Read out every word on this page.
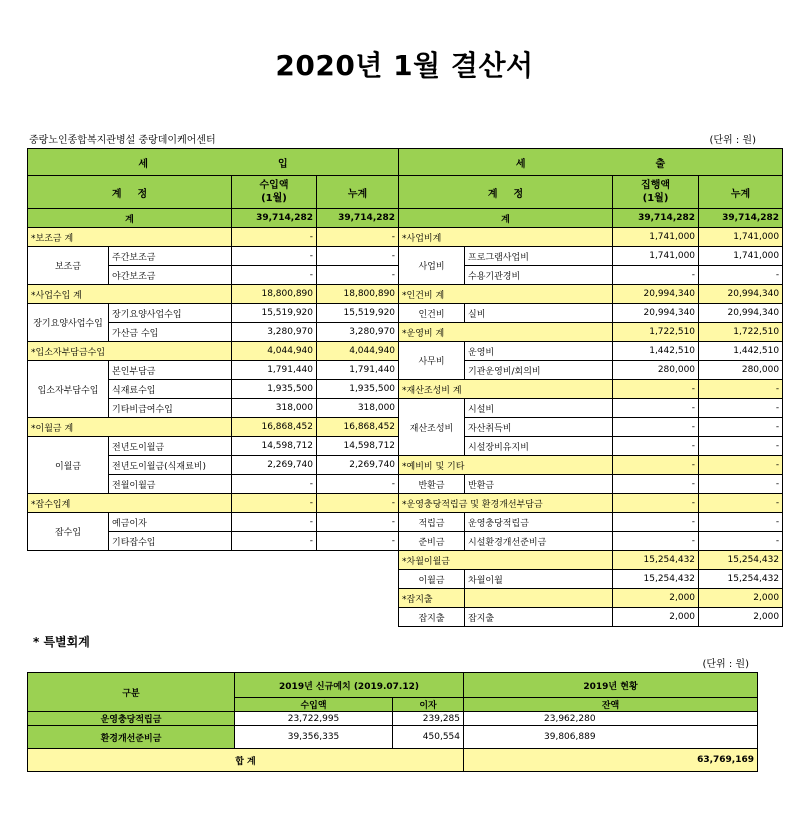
2020년 1월 결산서
중랑노인종합복지관병설 중랑데이케어센터	(단위 : 원)
세 입				세 출			
계 정		수입액
(1월)	누계	계 정		집행액
(1월)	누계
계		39,714,282	39,714,282	계		39,714,282	39,714,282
*보조금 계		-	-	*사업비계		1,741,000	1,741,000
보조금	주간보조금	-	-	사업비	프로그램사업비	1,741,000	1,741,000
	야간보조금	-	-		수용기관경비	-	-
*사업수입 계		18,800,890	18,800,890	*인건비 계		20,994,340	20,994,340
장기요양사업수입	장기요양사업수입	15,519,920	15,519,920	인건비	실비	20,994,340	20,994,340
	가산금 수입	3,280,970	3,280,970	*운영비 계		1,722,510	1,722,510
*입소자부담금수입		4,044,940	4,044,940	사무비	운영비	1,442,510	1,442,510
입소자부담수입	본인부담금	1,791,440	1,791,440		기관운영비/회의비	280,000	280,000
	식재료수입	1,935,500	1,935,500	*재산조성비 계		-	-
	기타비급여수입	318,000	318,000	재산조성비	시설비	-	-
*이월금 계		16,868,452	16,868,452		자산취득비	-	-
이월금	전년도이월금	14,598,712	14,598,712		시설장비유지비	-	-
	전년도이월금(식재료비)	2,269,740	2,269,740	*예비비 및 기타		-	-
	전월이월금	-	-	반환금	반환금	-	-
*잡수입계		-	-	*운영충당적립금 및 환경개선부담금		-	-
잡수입	예금이자	-	-	적립금	운영충당적립금	-	-
	기타잡수입	-	-	준비금	시설환경개선준비금	-	-
				*차월이월금		15,254,432	15,254,432
				이월금	차월이월	15,254,432	15,254,432
				*잡지출		2,000	2,000
				잡지출	잡지출	2,000	2,000
* 특별회계
(단위 : 원)
구분	2019년 신규예치 (2019.07.12)		2019년 현황
	수입액	이자	잔액
운영충당적립금	23,722,995	239,285	23,962,280
환경개선준비금	39,356,335	450,554	39,806,889
합 계			63,769,169
